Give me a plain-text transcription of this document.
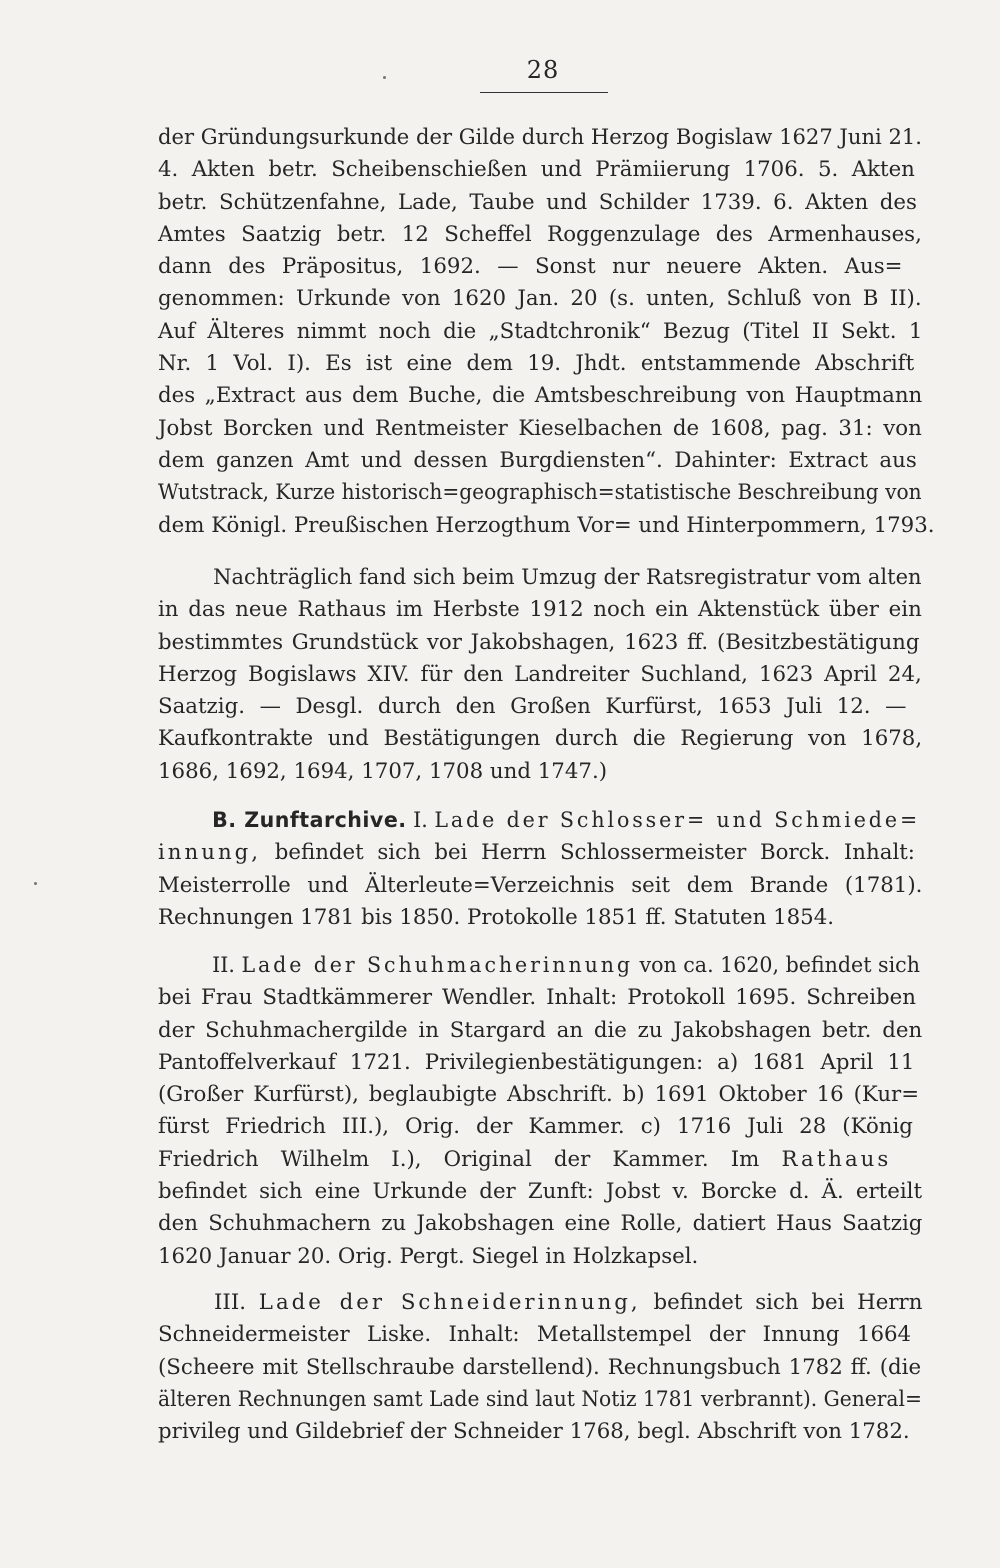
28
der Gründungsurkunde der Gilde durch Herzog Bogislaw 1627 Juni 21.
4. Akten betr. Scheibenschießen und Prämiierung 1706. 5. Akten
betr. Schützenfahne, Lade, Taube und Schilder 1739. 6. Akten des
Amtes Saatzig betr. 12 Scheffel Roggenzulage des Armenhauses,
dann des Präpositus, 1692. — Sonst nur neuere Akten. Aus=
genommen: Urkunde von 1620 Jan. 20 (s. unten, Schluß von B II).
Auf Älteres nimmt noch die „Stadtchronik“ Bezug (Titel II Sekt. 1
Nr. 1 Vol. I). Es ist eine dem 19. Jhdt. entstammende Abschrift
des „Extract aus dem Buche, die Amtsbeschreibung von Hauptmann
Jobst Borcken und Rentmeister Kieselbachen de 1608, pag. 31: von
dem ganzen Amt und dessen Burgdiensten“. Dahinter: Extract aus
Wutstrack, Kurze historisch=geographisch=statistische Beschreibung von
dem Königl. Preußischen Herzogthum Vor= und Hinterpommern, 1793.
Nachträglich fand sich beim Umzug der Ratsregistratur vom alten
in das neue Rathaus im Herbste 1912 noch ein Aktenstück über ein
bestimmtes Grundstück vor Jakobshagen, 1623 ff. (Besitzbestätigung
Herzog Bogislaws XIV. für den Landreiter Suchland, 1623 April 24,
Saatzig. — Desgl. durch den Großen Kurfürst, 1653 Juli 12. —
Kaufkontrakte und Bestätigungen durch die Regierung von 1678,
1686, 1692, 1694, 1707, 1708 und 1747.)
B. Zunftarchive. I. Lade der Schlosser= und Schmiede=
innung, befindet sich bei Herrn Schlossermeister Borck. Inhalt:
Meisterrolle und Älterleute=Verzeichnis seit dem Brande (1781).
Rechnungen 1781 bis 1850. Protokolle 1851 ff. Statuten 1854.
II. Lade der Schuhmacherinnung von ca. 1620, befindet sich
bei Frau Stadtkämmerer Wendler. Inhalt: Protokoll 1695. Schreiben
der Schuhmachergilde in Stargard an die zu Jakobshagen betr. den
Pantoffelverkauf 1721. Privilegienbestätigungen: a) 1681 April 11
(Großer Kurfürst), beglaubigte Abschrift. b) 1691 Oktober 16 (Kur=
fürst Friedrich III.), Orig. der Kammer. c) 1716 Juli 28 (König
Friedrich Wilhelm I.), Original der Kammer. Im Rathaus
befindet sich eine Urkunde der Zunft: Jobst v. Borcke d. Ä. erteilt
den Schuhmachern zu Jakobshagen eine Rolle, datiert Haus Saatzig
1620 Januar 20. Orig. Pergt. Siegel in Holzkapsel.
III. Lade der Schneiderinnung, befindet sich bei Herrn
Schneidermeister Liske. Inhalt: Metallstempel der Innung 1664
(Scheere mit Stellschraube darstellend). Rechnungsbuch 1782 ff. (die
älteren Rechnungen samt Lade sind laut Notiz 1781 verbrannt). General=
privileg und Gildebrief der Schneider 1768, begl. Abschrift von 1782.
